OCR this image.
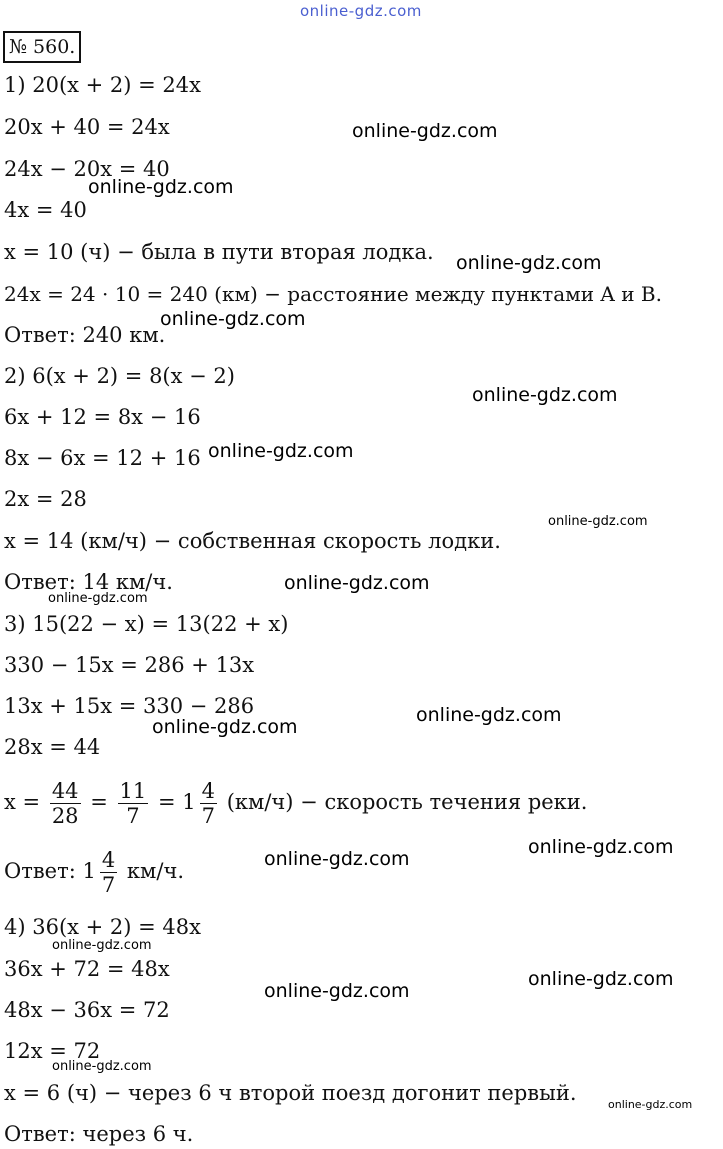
online-gdz.com
№ 560.
1) 20(x + 2) = 24x
20x + 40 = 24x
24x − 20x = 40
4x = 40
x = 10 (ч) − была в пути вторая лодка.
24x = 24 · 10 = 240 (км) − расстояние между пунктами A и B.
Ответ: 240 км.
2) 6(x + 2) = 8(x − 2)
6x + 12 = 8x − 16
8x − 6x = 12 + 16
2x = 28
x = 14 (км/ч) − собственная скорость лодки.
Ответ: 14 км/ч.
3) 15(22 − x) = 13(22 + x)
330 − 15x = 286 + 13x
13x + 15x = 330 − 286
28x = 44
$x = \frac{44}{28} = \frac{11}{7} = 1 \frac{4}{7} (км/ч)$ − скорость течения реки.
Ответ: $1 \frac{4}{7} км/ч$.
4) 36(x + 2) = 48x
36x + 72 = 48x
48x − 36x = 72
12x = 72
x = 6 (ч) − через 6 ч второй поезд догонит первый.
Ответ: через 6 ч.
online-gdz.com
online-gdz.com
online-gdz.com
online-gdz.com
online-gdz.com
online-gdz.com
online-gdz.com
online-gdz.com
online-gdz.com
online-gdz.com
online-gdz.com
online-gdz.com
online-gdz.com
online-gdz.com
online-gdz.com
online-gdz.com
online-gdz.com
online-gdz.com
